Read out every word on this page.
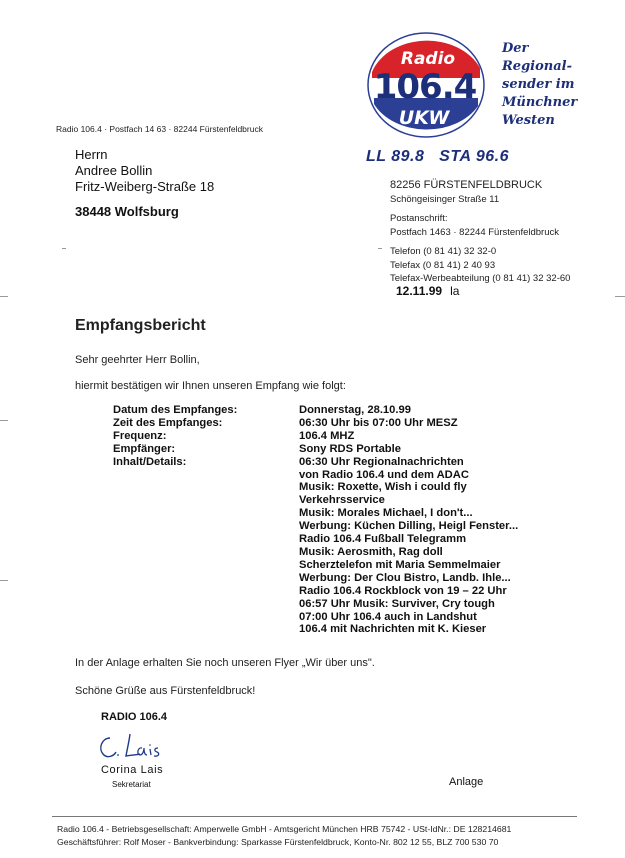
Radio 106.4 · Postfach 14 63 · 82244 Fürstenfeldbruck
Herrn
Andree Bollin
Fritz-Weiberg-Straße 18
38448 Wolfsburg
Radio
106.4
UKW
Der
Regional-
sender im
Münchner
Westen
LL 89.8   STA 96.6
82256 FÜRSTENFELDBRUCK
Schöngeisinger Straße 11
Postanschrift:
Postfach 1463 · 82244 Fürstenfeldbruck
Telefon (0 81 41) 32 32-0
Telefax (0 81 41) 2 40 93
Telefax-Werbeabteilung (0 81 41) 32 32-60
12.11.99 la
Empfangsbericht
Sehr geehrter Herr Bollin,
hiermit bestätigen wir Ihnen unseren Empfang wie folgt:
Datum des Empfanges:	Donnerstag, 28.10.99
Zeit des Empfanges:	06:30 Uhr bis 07:00 Uhr MESZ
Frequenz:	106.4 MHZ
Empfänger:	Sony RDS Portable
Inhalt/Details:	06:30 Uhr Regionalnachrichten
von Radio 106.4 und dem ADAC
Musik: Roxette, Wish i could fly
Verkehrsservice
Musik: Morales Michael, I don't...
Werbung: Küchen Dilling, Heigl Fenster...
Radio 106.4 Fußball Telegramm
Musik: Aerosmith, Rag doll
Scherztelefon mit Maria Semmelmaier
Werbung: Der Clou Bistro, Landb. Ihle...
Radio 106.4 Rockblock von 19 – 22 Uhr
06:57 Uhr Musik: Surviver, Cry tough
07:00 Uhr 106.4 auch in Landshut
106.4 mit Nachrichten mit K. Kieser
In der Anlage erhalten Sie noch unseren Flyer „Wir über uns".
Schöne Grüße aus Fürstenfeldbruck!
RADIO 106.4
Corina Lais
Sekretariat	Anlage
Radio 106.4 - Betriebsgesellschaft: Amperwelle GmbH - Amtsgericht München HRB 75742 - USt-IdNr.: DE 128214681
Geschäftsführer: Rolf Moser - Bankverbindung: Sparkasse Fürstenfeldbruck, Konto-Nr. 802 12 55, BLZ 700 530 70
